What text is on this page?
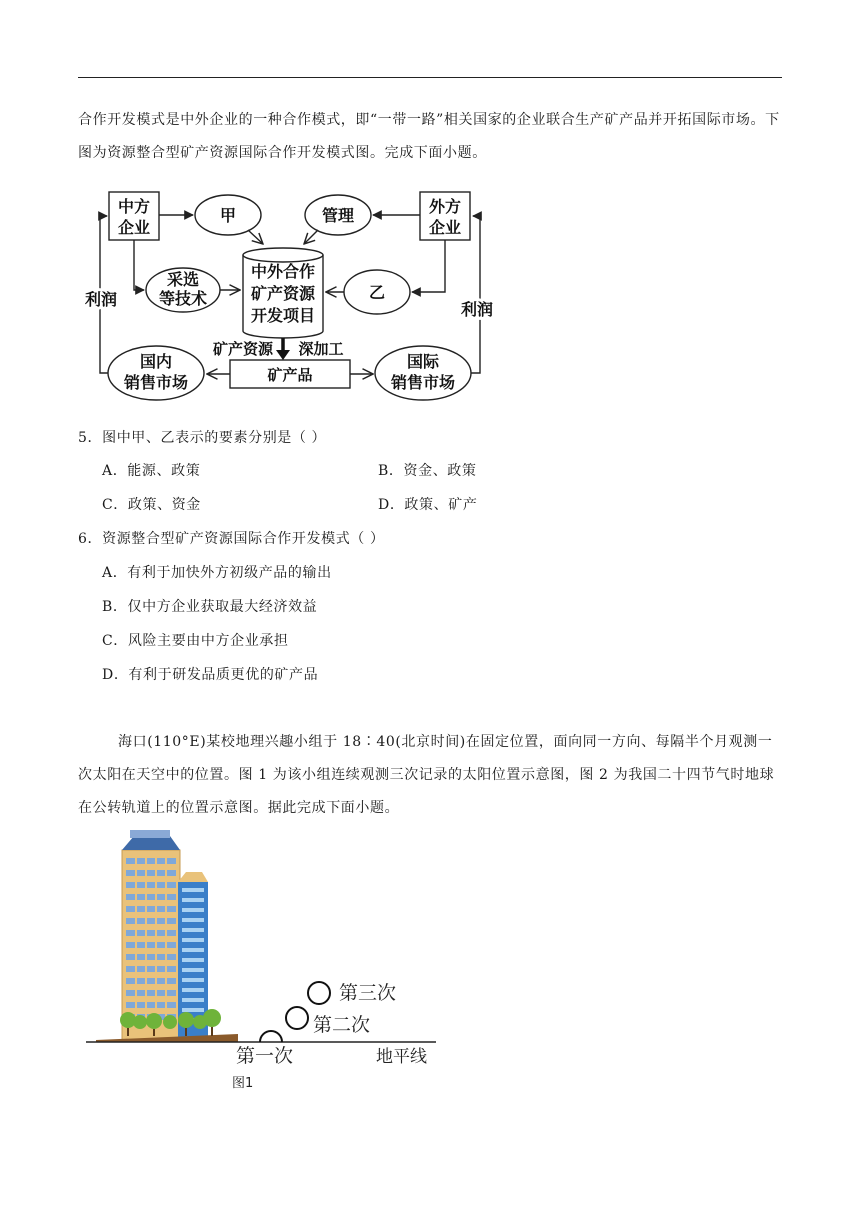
合作开发模式是中外企业的一种合作模式，即“一带一路”相关国家的企业联合生产矿产品并开拓国际市场。下图为资源整合型矿产资源国际合作开发模式图。完成下面小题。
中方
企业
外方
企业
甲	管理
采选
等技术	乙
中外合作
矿产资源
开发项目
矿产资源 深加工
矿产品
国内
销售市场
国际
销售市场
利润
利润
5．图中甲、乙表示的要素分别是（ ）
A．能源、政策	B．资金、政策
C．政策、资金	D．政策、矿产
6．资源整合型矿产资源国际合作开发模式（ ）
A．有利于加快外方初级产品的输出
B．仅中方企业获取最大经济效益
C．风险主要由中方企业承担
D．有利于研发品质更优的矿产品
海口(110°E)某校地理兴趣小组于 18∶40(北京时间)在固定位置，面向同一方向、每隔半个月观测一次太阳在天空中的位置。图 1 为该小组连续观测三次记录的太阳位置示意图，图 2 为我国二十四节气时地球在公转轨道上的位置示意图。据此完成下面小题。
第三次
第二次
第一次	地平线
图1
